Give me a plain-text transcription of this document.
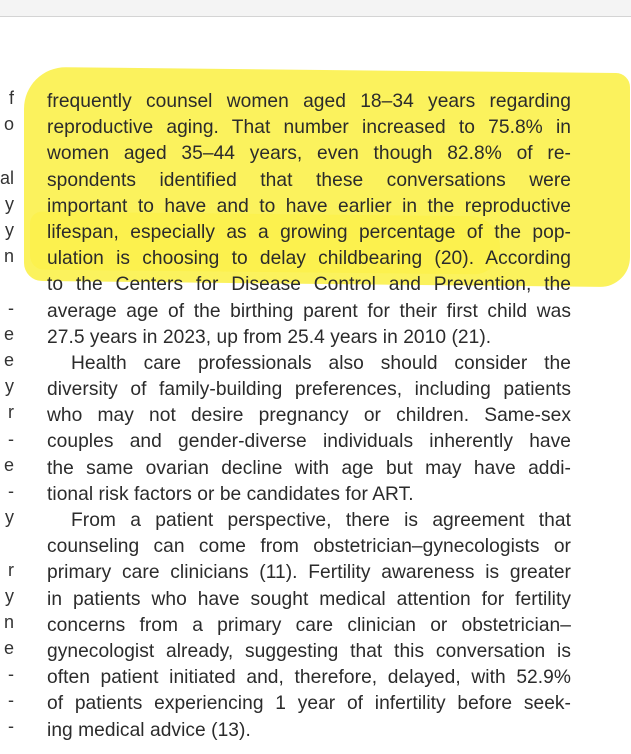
f
o
al
y
y
n
-
e
e
y
r
-
e
-
y
r
y
n
e
-
-
-
frequently counsel women aged 18–34 years regarding
reproductive aging. That number increased to 75.8% in
women aged 35–44 years, even though 82.8% of re-
spondents identified that these conversations were
important to have and to have earlier in the reproductive
lifespan, especially as a growing percentage of the pop-
ulation is choosing to delay childbearing (20). According
to the Centers for Disease Control and Prevention, the
average age of the birthing parent for their first child was
27.5 years in 2023, up from 25.4 years in 2010 (21).
Health care professionals also should consider the
diversity of family-building preferences, including patients
who may not desire pregnancy or children. Same-sex
couples and gender-diverse individuals inherently have
the same ovarian decline with age but may have addi-
tional risk factors or be candidates for ART.
From a patient perspective, there is agreement that
counseling can come from obstetrician–gynecologists or
primary care clinicians (11). Fertility awareness is greater
in patients who have sought medical attention for fertility
concerns from a primary care clinician or obstetrician–
gynecologist already, suggesting that this conversation is
often patient initiated and, therefore, delayed, with 52.9%
of patients experiencing 1 year of infertility before seek-
ing medical advice (13).
